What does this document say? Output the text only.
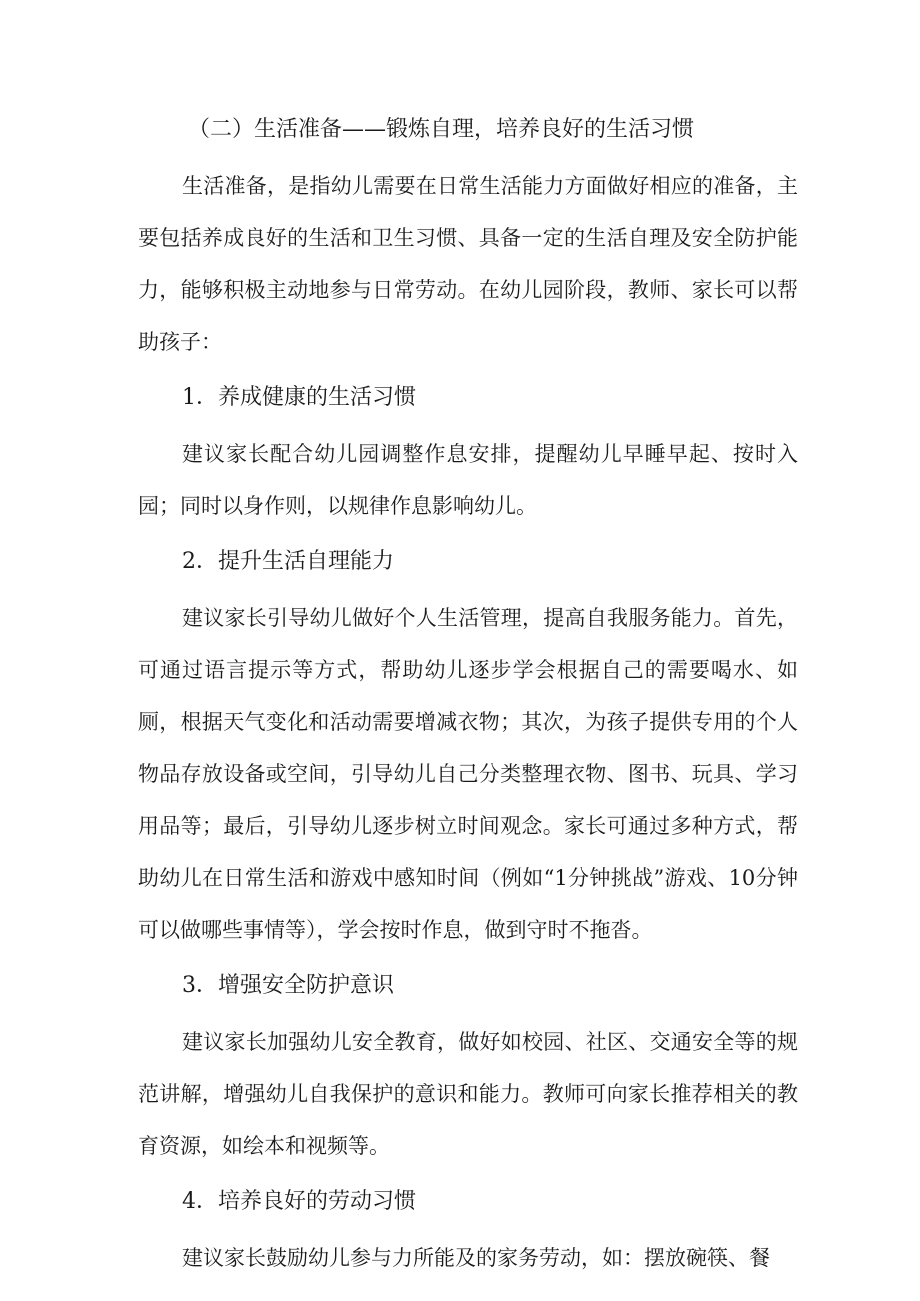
（二）生活准备——锻炼自理，培养良好的生活习惯

生活准备，是指幼儿需要在日常生活能力方面做好相应的准备，主要包括养成良好的生活和卫生习惯、具备一定的生活自理及安全防护能力，能够积极主动地参与日常劳动。在幼儿园阶段，教师、家长可以帮助孩子：

1．养成健康的生活习惯

建议家长配合幼儿园调整作息安排，提醒幼儿早睡早起、按时入园；同时以身作则，以规律作息影响幼儿。

2．提升生活自理能力

建议家长引导幼儿做好个人生活管理，提高自我服务能力。首先，可通过语言提示等方式，帮助幼儿逐步学会根据自己的需要喝水、如厕，根据天气变化和活动需要增减衣物；其次，为孩子提供专用的个人物品存放设备或空间，引导幼儿自己分类整理衣物、图书、玩具、学习用品等；最后，引导幼儿逐步树立时间观念。家长可通过多种方式，帮助幼儿在日常生活和游戏中感知时间（例如“1分钟挑战”游戏、10分钟可以做哪些事情等），学会按时作息，做到守时不拖沓。

3．增强安全防护意识

建议家长加强幼儿安全教育，做好如校园、社区、交通安全等的规范讲解，增强幼儿自我保护的意识和能力。教师可向家长推荐相关的教育资源，如绘本和视频等。

4．培养良好的劳动习惯

建议家长鼓励幼儿参与力所能及的家务劳动，如：摆放碗筷、餐
